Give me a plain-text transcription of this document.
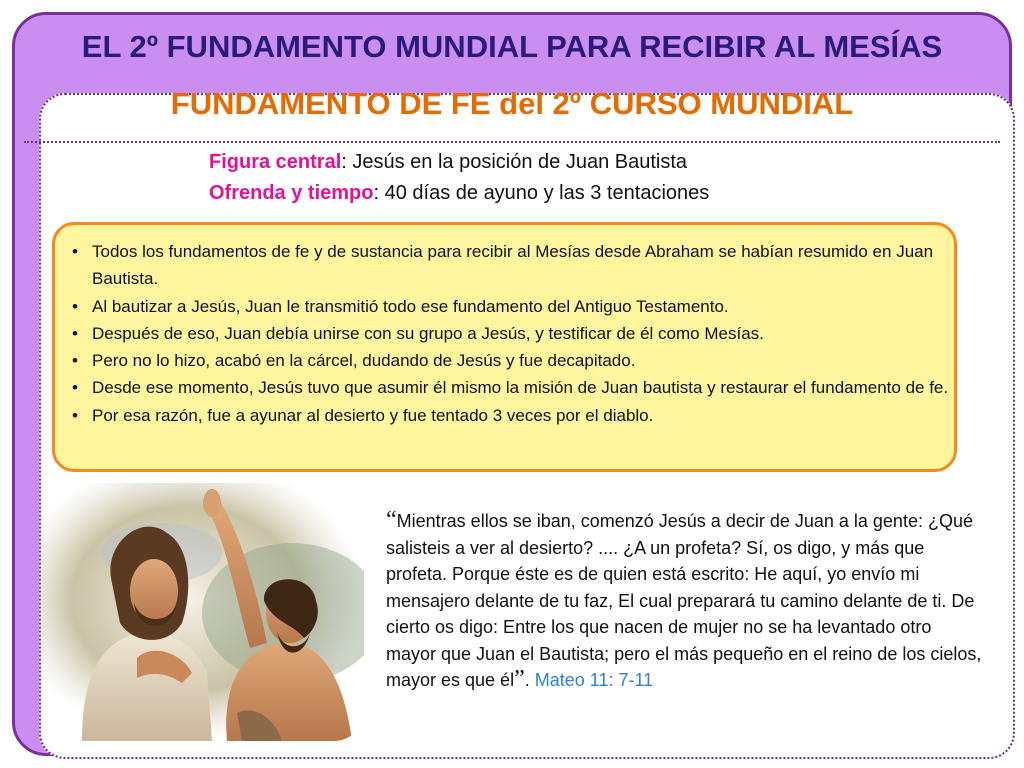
EL 2º FUNDAMENTO MUNDIAL PARA RECIBIR AL MESÍAS
FUNDAMENTO DE FE del 2º CURSO MUNDIAL
Figura central: Jesús en la posición de Juan Bautista
Ofrenda y tiempo: 40 días de ayuno y las 3 tentaciones
• Todos los fundamentos de fe y de sustancia para recibir al Mesías desde Abraham se habían resumido en Juan Bautista.
• Al bautizar a Jesús, Juan le transmitió todo ese fundamento del Antiguo Testamento.
• Después de eso, Juan debía unirse con su grupo a Jesús, y testificar de él como Mesías.
• Pero no lo hizo, acabó en la cárcel, dudando de Jesús y fue decapitado.
• Desde ese momento, Jesús tuvo que asumir él mismo la misión de Juan bautista y restaurar el fundamento de fe.
• Por esa razón, fue a ayunar al desierto y fue tentado 3 veces por el diablo.
“Mientras ellos se iban, comenzó Jesús a decir de Juan a la gente: ¿Qué salisteis a ver al desierto? .... ¿A un profeta? Sí, os digo, y más que profeta. Porque éste es de quien está escrito: He aquí, yo envío mi mensajero delante de tu faz, El cual preparará tu camino delante de ti. De cierto os digo: Entre los que nacen de mujer no se ha levantado otro mayor que Juan el Bautista; pero el más pequeño en el reino de los cielos, mayor es que él”. Mateo 11: 7-11
